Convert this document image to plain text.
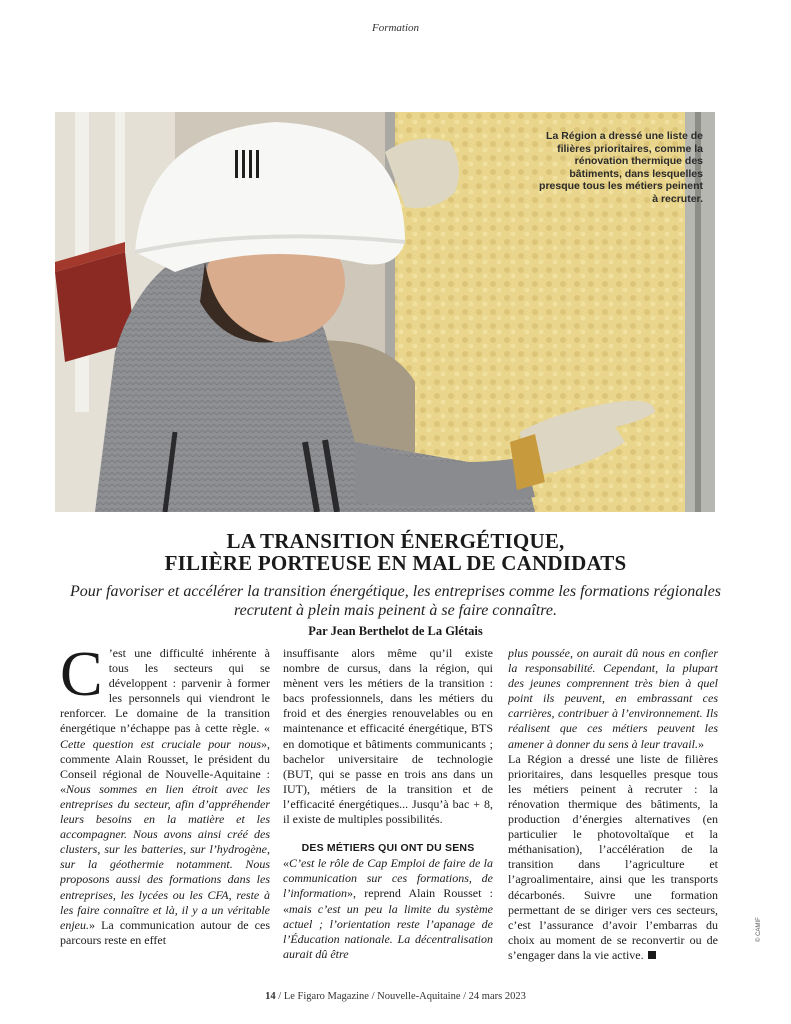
Formation
La Région a dressé une liste de filières prioritaires, comme la rénovation thermique des bâtiments, dans lesquelles presque tous les métiers peinent à recruter.
LA TRANSITION ÉNERGÉTIQUE,
FILIÈRE PORTEUSE EN MAL DE CANDIDATS

Pour favoriser et accélérer la transition énergétique, les entreprises comme les formations régionales recrutent à plein mais peinent à se faire connaître.

Par Jean Berthelot de La Glétais

C ’est une difficulté inhérente à tous les secteurs qui se développent : parvenir à former les personnels qui viendront le renforcer. Le domaine de la transition énergétique n’échappe pas à cette règle. « Cette question est cruciale pour nous», commente Alain Rousset, le président du Conseil régional de Nouvelle-Aquitaine : «Nous sommes en lien étroit avec les entreprises du secteur, afin d’appréhender leurs besoins en la matière et les accompagner. Nous avons ainsi créé des clusters, sur les batteries, sur l’hydrogène, sur la géothermie notamment. Nous proposons aussi des formations dans les entreprises, les lycées ou les CFA, reste à les faire connaître et là, il y a un véritable enjeu.» La communication autour de ces parcours reste en effet

insuffisante alors même qu’il existe nombre de cursus, dans la région, qui mènent vers les métiers de la transition : bacs professionnels, dans les métiers du froid et des énergies renouvelables ou en maintenance et efficacité énergétique, BTS en domotique et bâtiments communicants ; bachelor universitaire de technologie (BUT, qui se passe en trois ans dans un IUT), métiers de la transition et de l’efficacité énergétiques... Jusqu’à bac + 8, il existe de multiples possibilités.

DES MÉTIERS QUI ONT DU SENS

«C’est le rôle de Cap Emploi de faire de la communication sur ces formations, de l’information», reprend Alain Rousset : «mais c’est un peu la limite du système actuel ; l’orientation reste l’apanage de l’Éducation nationale. La décentralisation aurait dû être

plus poussée, on aurait dû nous en confier la responsabilité. Cependant, la plupart des jeunes comprennent très bien à quel point ils peuvent, en embrassant ces carrières, contribuer à l’environnement. Ils réalisent que ces métiers peuvent les amener à donner du sens à leur travail.»

La Région a dressé une liste de filières prioritaires, dans lesquelles presque tous les métiers peinent à recruter : la rénovation thermique des bâtiments, la production d’énergies alternatives (en particulier le photovoltaïque et la méthanisation), l’accélération de la transition dans l’agriculture et l’agroalimentaire, ainsi que les transports décarbonés. Suivre une formation permettant de se diriger vers ces secteurs, c’est l’assurance d’avoir l’embarras du choix au moment de se reconvertir ou de s’engager dans la vie active.

© CAMIF
14 / Le Figaro Magazine / Nouvelle-Aquitaine / 24 mars 2023
